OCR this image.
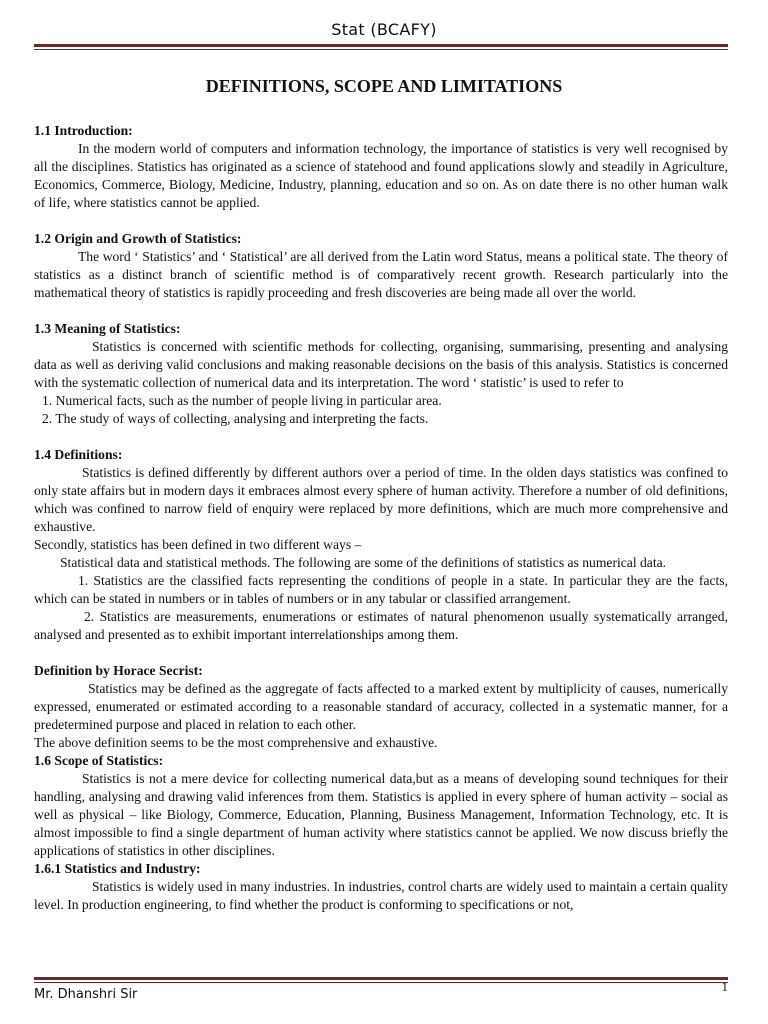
Stat (BCAFY)
DEFINITIONS, SCOPE AND LIMITATIONS

1.1 Introduction:

In the modern world of computers and information technology, the importance of statistics is very well recognised by all the disciplines. Statistics has originated as a science of statehood and found applications slowly and steadily in Agriculture, Economics, Commerce, Biology, Medicine, Industry, planning, education and so on. As on date there is no other human walk of life, where statistics cannot be applied.

1.2 Origin and Growth of Statistics:

The word ‘ Statistics’ and ‘ Statistical’ are all derived from the Latin word Status, means a political state. The theory of statistics as a distinct branch of scientific method is of comparatively recent growth. Research particularly into the mathematical theory of statistics is rapidly proceeding and fresh discoveries are being made all over the world.

1.3 Meaning of Statistics:

Statistics is concerned with scientific methods for collecting, organising, summarising, presenting and analysing data as well as deriving valid conclusions and making reasonable decisions on the basis of this analysis. Statistics is concerned with the systematic collection of numerical data and its interpretation. The word ‘ statistic’ is used to refer to

1. Numerical facts, such as the number of people living in particular area.

2. The study of ways of collecting, analysing and interpreting the facts.

1.4 Definitions:

Statistics is defined differently by different authors over a period of time. In the olden days statistics was confined to only state affairs but in modern days it embraces almost every sphere of human activity. Therefore a number of old definitions, which was confined to narrow field of enquiry were replaced by more definitions, which are much more comprehensive and exhaustive.

Secondly, statistics has been defined in two different ways –

Statistical data and statistical methods. The following are some of the definitions of statistics as numerical data.

1. Statistics are the classified facts representing the conditions of people in a state. In particular they are the facts, which can be stated in numbers or in tables of numbers or in any tabular or classified arrangement.

2. Statistics are measurements, enumerations or estimates of natural phenomenon usually systematically arranged, analysed and presented as to exhibit important interrelationships among them.

Definition by Horace Secrist:

Statistics may be defined as the aggregate of facts affected to a marked extent by multiplicity of causes, numerically expressed, enumerated or estimated according to a reasonable standard of accuracy, collected in a systematic manner, for a predetermined purpose and placed in relation to each other.

The above definition seems to be the most comprehensive and exhaustive.

1.6 Scope of Statistics:

Statistics is not a mere device for collecting numerical data,but as a means of developing sound techniques for their handling, analysing and drawing valid inferences from them. Statistics is applied in every sphere of human activity – social as well as physical – like Biology, Commerce, Education, Planning, Business Management, Information Technology, etc. It is almost impossible to find a single department of human activity where statistics cannot be applied. We now discuss briefly the applications of statistics in other disciplines.

1.6.1 Statistics and Industry:

Statistics is widely used in many industries. In industries, control charts are widely used to maintain a certain quality level. In production engineering, to find whether the product is conforming to specifications or not,

Mr. Dhanshri Sir
1
